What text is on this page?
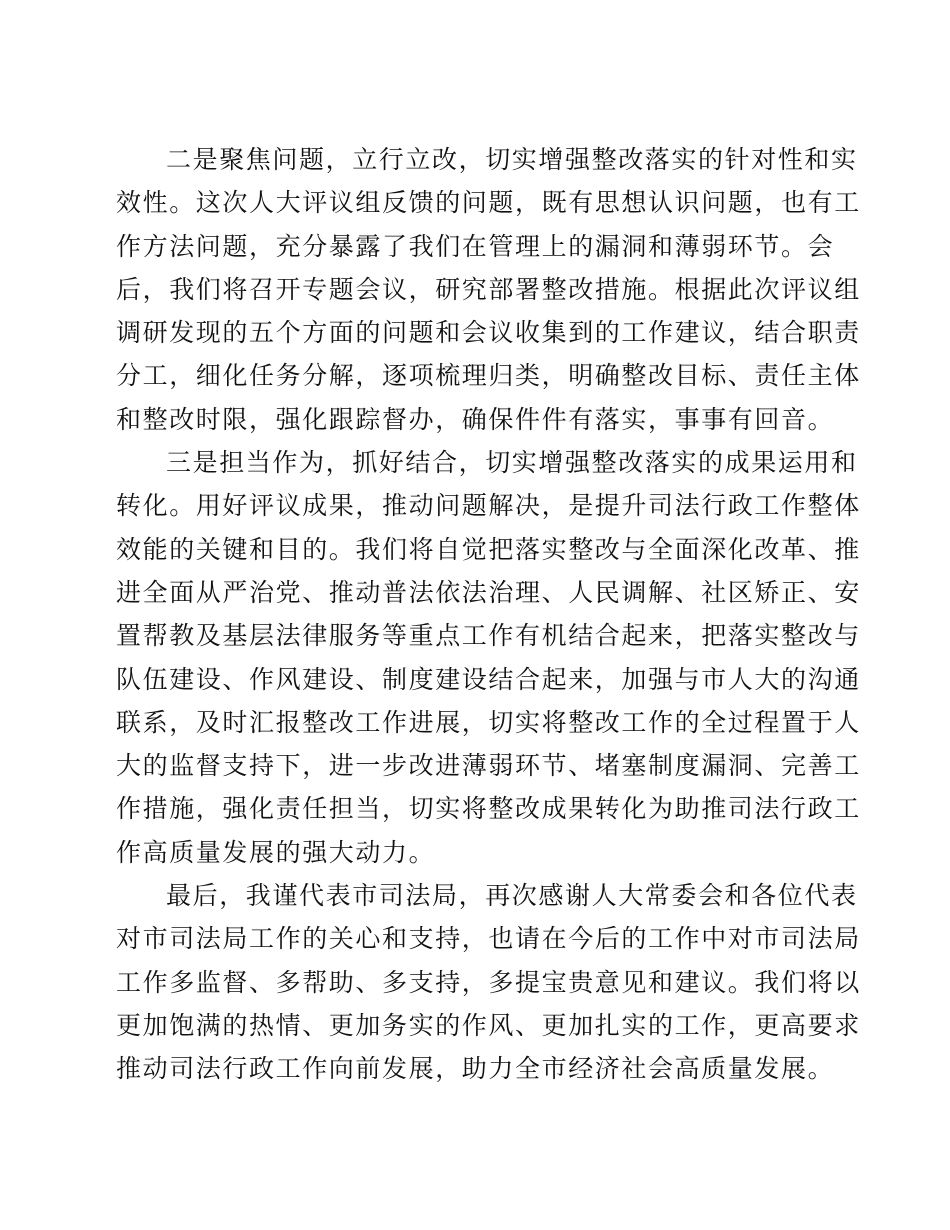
二是聚焦问题，立行立改，切实增强整改落实的针对性和实
效性。这次人大评议组反馈的问题，既有思想认识问题，也有工
作方法问题，充分暴露了我们在管理上的漏洞和薄弱环节。会
后，我们将召开专题会议，研究部署整改措施。根据此次评议组
调研发现的五个方面的问题和会议收集到的工作建议，结合职责
分工，细化任务分解，逐项梳理归类，明确整改目标、责任主体
和整改时限，强化跟踪督办，确保件件有落实，事事有回音。
三是担当作为，抓好结合，切实增强整改落实的成果运用和
转化。用好评议成果，推动问题解决，是提升司法行政工作整体
效能的关键和目的。我们将自觉把落实整改与全面深化改革、推
进全面从严治党、推动普法依法治理、人民调解、社区矫正、安
置帮教及基层法律服务等重点工作有机结合起来，把落实整改与
队伍建设、作风建设、制度建设结合起来，加强与市人大的沟通
联系，及时汇报整改工作进展，切实将整改工作的全过程置于人
大的监督支持下，进一步改进薄弱环节、堵塞制度漏洞、完善工
作措施，强化责任担当，切实将整改成果转化为助推司法行政工
作高质量发展的强大动力。
最后，我谨代表市司法局，再次感谢人大常委会和各位代表
对市司法局工作的关心和支持，也请在今后的工作中对市司法局
工作多监督、多帮助、多支持，多提宝贵意见和建议。我们将以
更加饱满的热情、更加务实的作风、更加扎实的工作，更高要求
推动司法行政工作向前发展，助力全市经济社会高质量发展。
